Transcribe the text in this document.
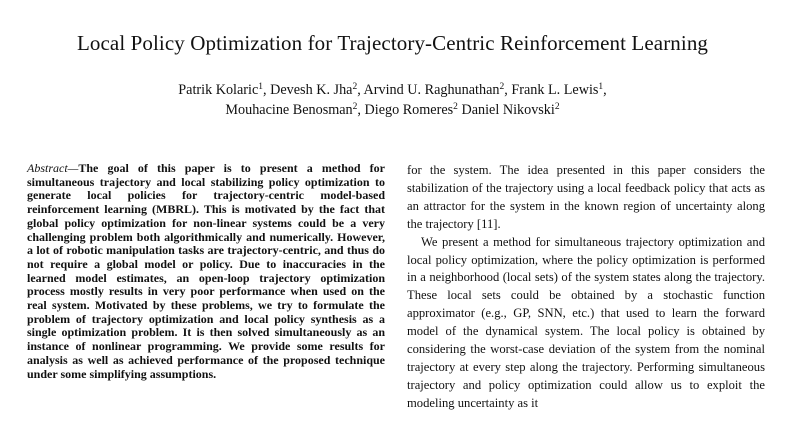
Local Policy Optimization for Trajectory-Centric Reinforcement Learning
Patrik Kolaric$^1$, Devesh K. Jha$^2$, Arvind U. Raghunathan$^2$, Frank L. Lewis$^1$,
Mouhacine Benosman$^2$, Diego Romeres$^2$ Daniel Nikovski$^2$
Abstract—The goal of this paper is to present a method for simultaneous trajectory and local stabilizing policy optimization to generate local policies for trajectory-centric model-based reinforcement learning (MBRL). This is motivated by the fact that global policy optimization for non-linear systems could be a very challenging problem both algorithmically and numerically. However, a lot of robotic manipulation tasks are trajectory-centric, and thus do not require a global model or policy. Due to inaccuracies in the learned model estimates, an open-loop trajectory optimization process mostly results in very poor performance when used on the real system. Motivated by these problems, we try to formulate the problem of trajectory optimization and local policy synthesis as a single optimization problem. It is then solved simultaneously as an instance of nonlinear programming. We provide some results for analysis as well as achieved performance of the proposed technique under some simplifying assumptions.

for the system. The idea presented in this paper considers the stabilization of the trajectory using a local feedback policy that acts as an attractor for the system in the known region of uncertainty along the trajectory [11].

We present a method for simultaneous trajectory optimization and local policy optimization, where the policy optimization is performed in a neighborhood (local sets) of the system states along the trajectory. These local sets could be obtained by a stochastic function approximator (e.g., GP, SNN, etc.) that used to learn the forward model of the dynamical system. The local policy is obtained by considering the worst-case deviation of the system from the nominal trajectory at every step along the trajectory. Performing simultaneous trajectory and policy optimization could allow us to exploit the modeling uncertainty as it
